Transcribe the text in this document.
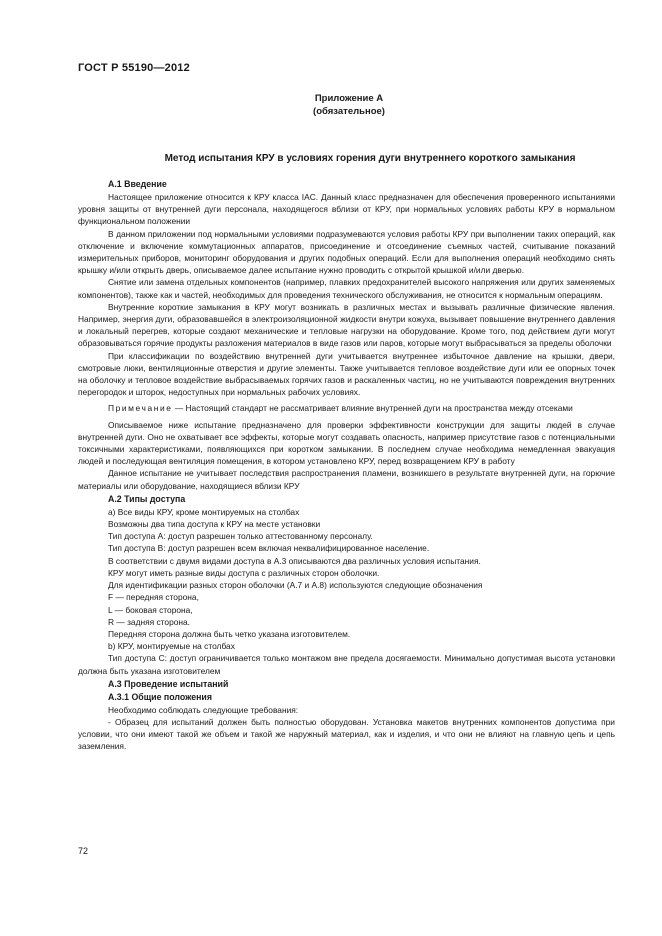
ГОСТ Р 55190—2012
Приложение А
(обязательное)
Метод испытания КРУ в условиях горения дуги внутреннего короткого замыкания
А.1 Введение

Настоящее приложение относится к КРУ класса IAC. Данный класс предназначен для обеспечения проверенного испытаниями уровня защиты от внутренней дуги персонала, находящегося вблизи от КРУ, при нормальных условиях работы КРУ в нормальном функциональном положении

В данном приложении под нормальными условиями подразумеваются условия работы КРУ при выполнении таких операций, как отключение и включение коммутационных аппаратов, присоединение и отсоединение съемных частей, считывание показаний измерительных приборов, мониторинг оборудования и других подобных операций. Если для выполнения операций необходимо снять крышку и/или открыть дверь, описываемое далее испытание нужно проводить с открытой крышкой и/или дверью.

Снятие или замена отдельных компонентов (например, плавких предохранителей высокого напряжения или других заменяемых компонентов), также как и частей, необходимых для проведения технического обслуживания, не относится к нормальным операциям.

Внутренние короткие замыкания в КРУ могут возникать в различных местах и вызывать различные физические явления. Например, энергия дуги, образовавшейся в электроизоляционной жидкости внутри кожуха, вызывает повышение внутреннего давления и локальный перегрев, которые создают механические и тепловые нагрузки на оборудование. Кроме того, под действием дуги могут образовываться горячие продукты разложения материалов в виде газов или паров, которые могут выбрасываться за пределы оболочки

При классификации по воздействию внутренней дуги учитывается внутреннее избыточное давление на крышки, двери, смотровые люки, вентиляционные отверстия и другие элементы. Также учитывается тепловое воздействие дуги или ее опорных точек на оболочку и тепловое воздействие выбрасываемых горячих газов и раскаленных частиц, но не учитываются повреждения внутренних перегородок и шторок, недоступных при нормальных рабочих условиях.

Примечание — Настоящий стандарт не рассматривает влияние внутренней дуги на пространства между отсеками

Описываемое ниже испытание предназначено для проверки эффективности конструкции для защиты людей в случае внутренней дуги. Оно не охватывает все эффекты, которые могут создавать опасность, например присутствие газов с потенциальными токсичными характеристиками, появляющихся при коротком замыкании. В последнем случае необходима немедленная эвакуация людей и последующая вентиляция помещения, в котором установлено КРУ, перед возвращением КРУ в работу

Данное испытание не учитывает последствия распространения пламени, возникшего в результате внутренней дуги, на горючие материалы или оборудование, находящиеся вблизи КРУ

А.2 Типы доступа

а) Все виды КРУ, кроме монтируемых на столбах

Возможны два типа доступа к КРУ на месте установки

Тип доступа А: доступ разрешен только аттестованному персоналу.

Тип доступа В: доступ разрешен всем включая неквалифицированное население.

В соответствии с двумя видами доступа в А.3 описываются два различных условия испытания.

КРУ могут иметь разные виды доступа с различных сторон оболочки.

Для идентификации разных сторон оболочки (А.7 и А.8) используются следующие обозначения

F — передняя сторона,

L — боковая сторона,

R — задняя сторона.

Передняя сторона должна быть четко указана изготовителем.

b) КРУ, монтируемые на столбах

Тип доступа С: доступ ограничивается только монтажом вне предела досягаемости. Минимально допустимая высота установки должна быть указана изготовителем

А.3 Проведение испытаний
А.3.1 Общие положения

Необходимо соблюдать следующие требования:

- Образец для испытаний должен быть полностью оборудован. Установка макетов внутренних компонентов допустима при условии, что они имеют такой же объем и такой же наружный материал, как и изделия, и что они не влияют на главную цепь и цепь заземления.

72
